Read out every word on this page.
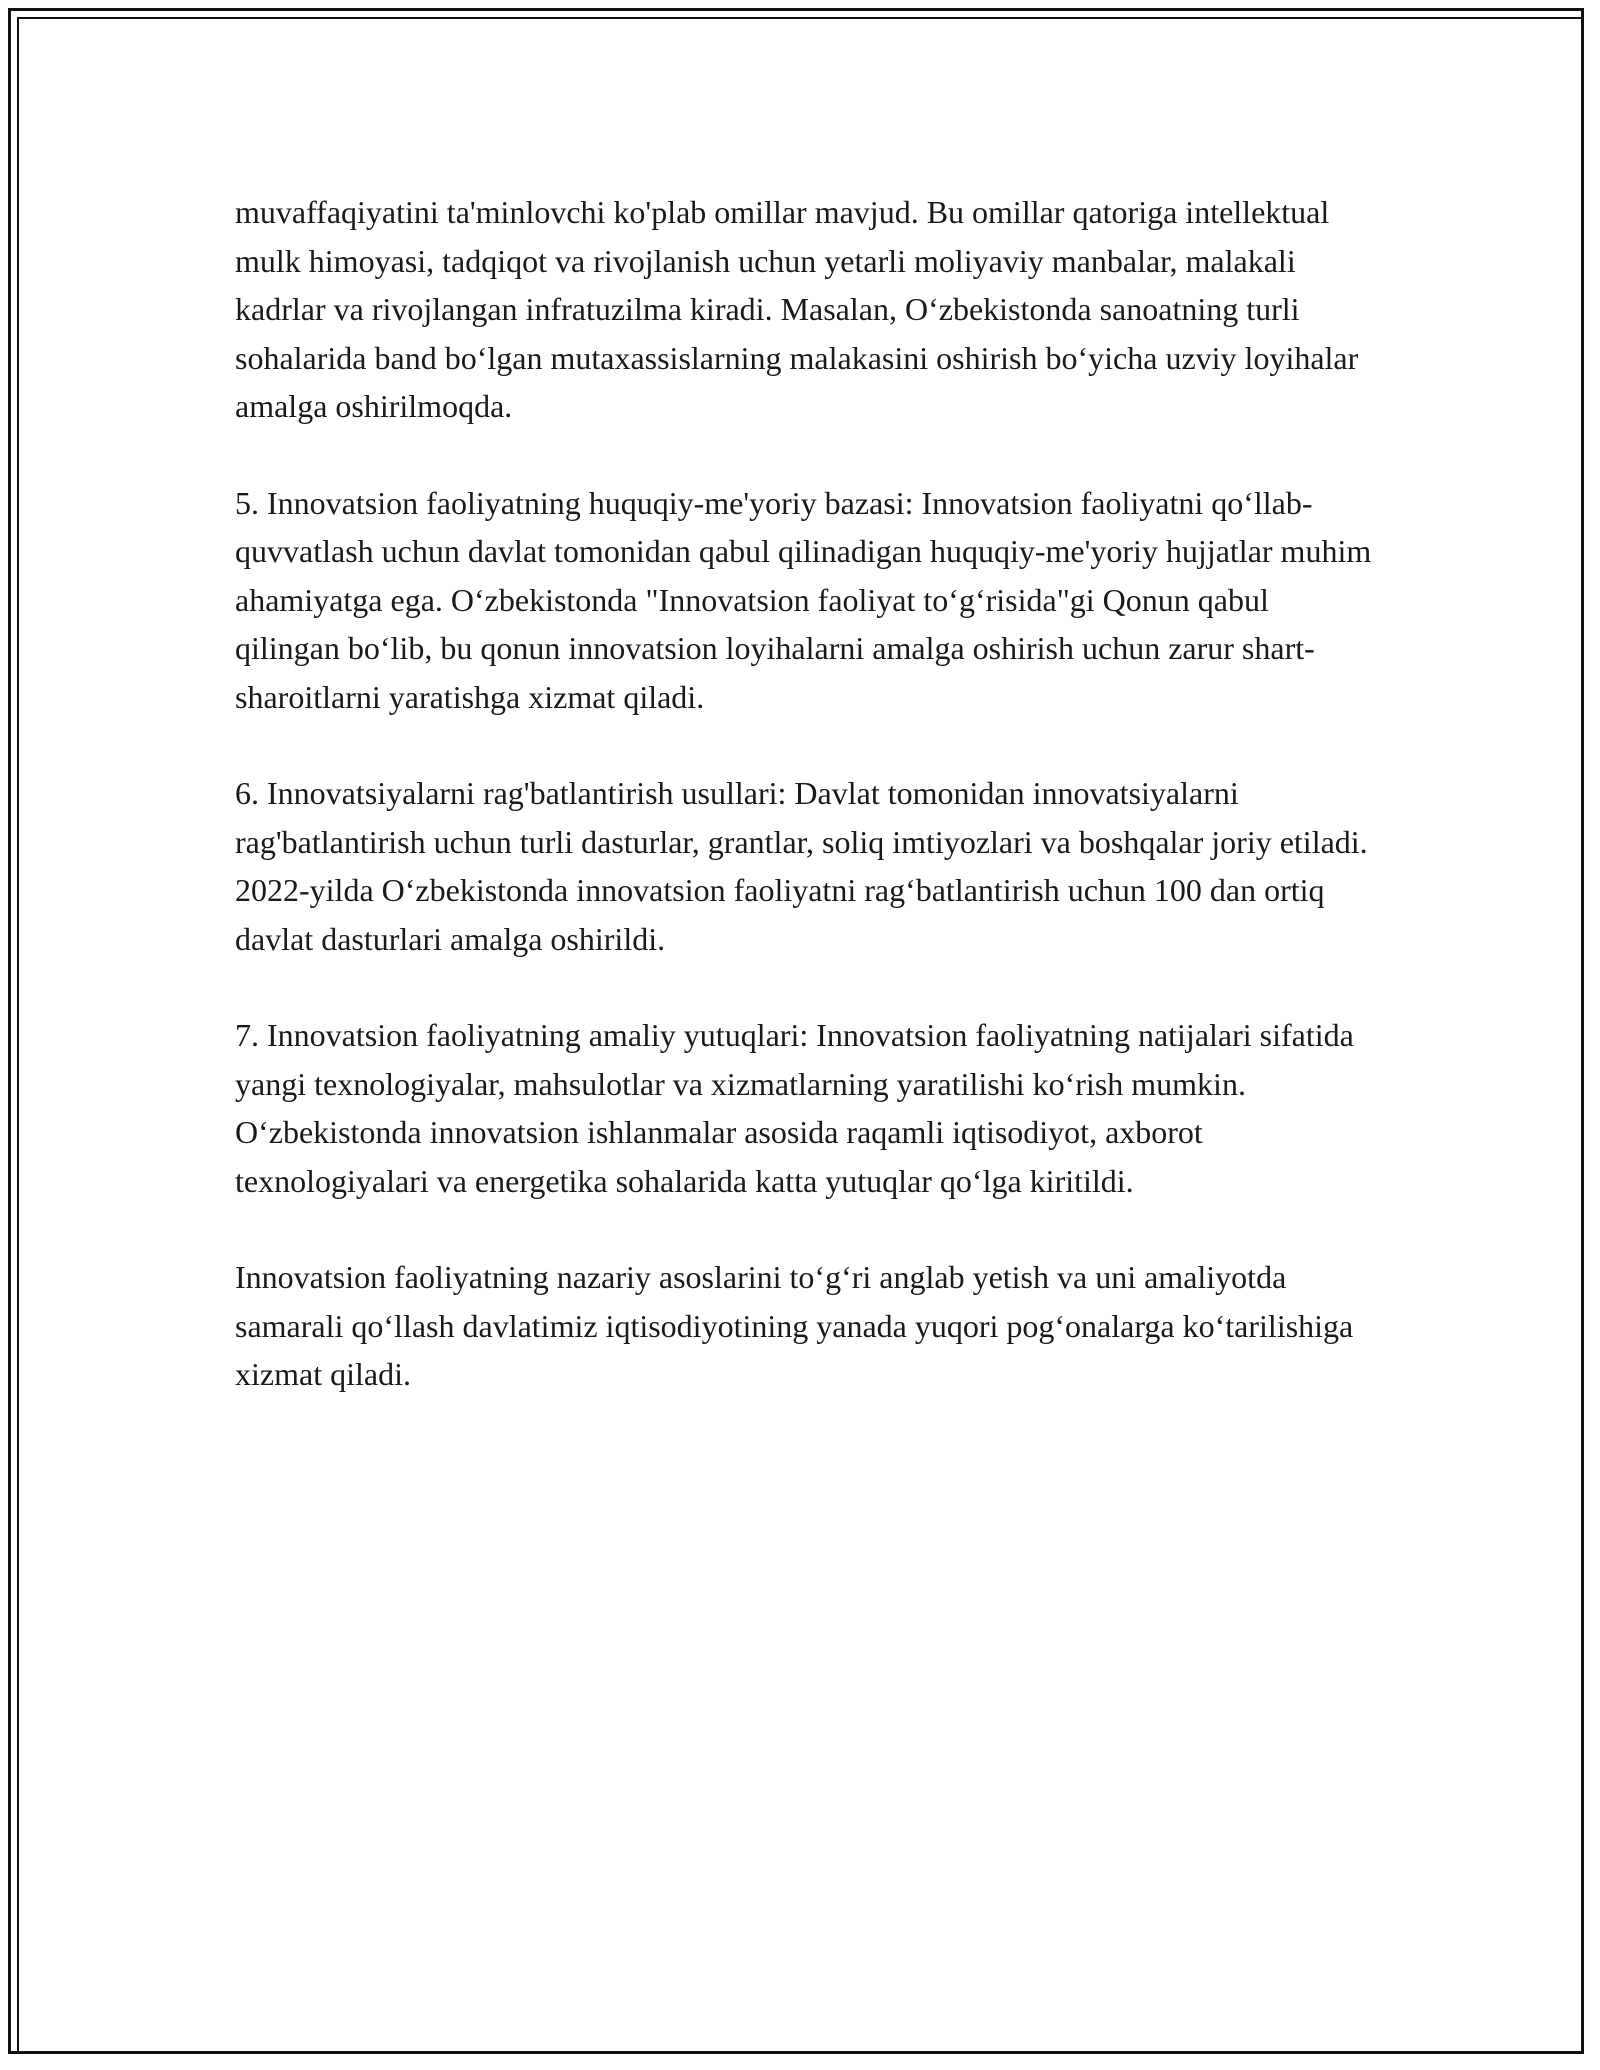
muvaffaqiyatini ta'minlovchi ko'plab omillar mavjud. Bu omillar qatoriga intellektual mulk himoyasi, tadqiqot va rivojlanish uchun yetarli moliyaviy manbalar, malakali kadrlar va rivojlangan infratuzilma kiradi. Masalan, O‘zbekistonda sanoatning turli sohalarida band bo‘lgan mutaxassislarning malakasini oshirish bo‘yicha uzviy loyihalar amalga oshirilmoqda.

5. Innovatsion faoliyatning huquqiy-me'yoriy bazasi: Innovatsion faoliyatni qo‘llab-quvvatlash uchun davlat tomonidan qabul qilinadigan huquqiy-me'yoriy hujjatlar muhim ahamiyatga ega. O‘zbekistonda "Innovatsion faoliyat to‘g‘risida"gi Qonun qabul qilingan bo‘lib, bu qonun innovatsion loyihalarni amalga oshirish uchun zarur shart-sharoitlarni yaratishga xizmat qiladi.

6. Innovatsiyalarni rag'batlantirish usullari: Davlat tomonidan innovatsiyalarni rag'batlantirish uchun turli dasturlar, grantlar, soliq imtiyozlari va boshqalar joriy etiladi. 2022-yilda O‘zbekistonda innovatsion faoliyatni rag‘batlantirish uchun 100 dan ortiq davlat dasturlari amalga oshirildi.

7. Innovatsion faoliyatning amaliy yutuqlari: Innovatsion faoliyatning natijalari sifatida yangi texnologiyalar, mahsulotlar va xizmatlarning yaratilishi ko‘rish mumkin. O‘zbekistonda innovatsion ishlanmalar asosida raqamli iqtisodiyot, axborot texnologiyalari va energetika sohalarida katta yutuqlar qo‘lga kiritildi.

Innovatsion faoliyatning nazariy asoslarini to‘g‘ri anglab yetish va uni amaliyotda samarali qo‘llash davlatimiz iqtisodiyotining yanada yuqori pog‘onalarga ko‘tarilishiga xizmat qiladi.
